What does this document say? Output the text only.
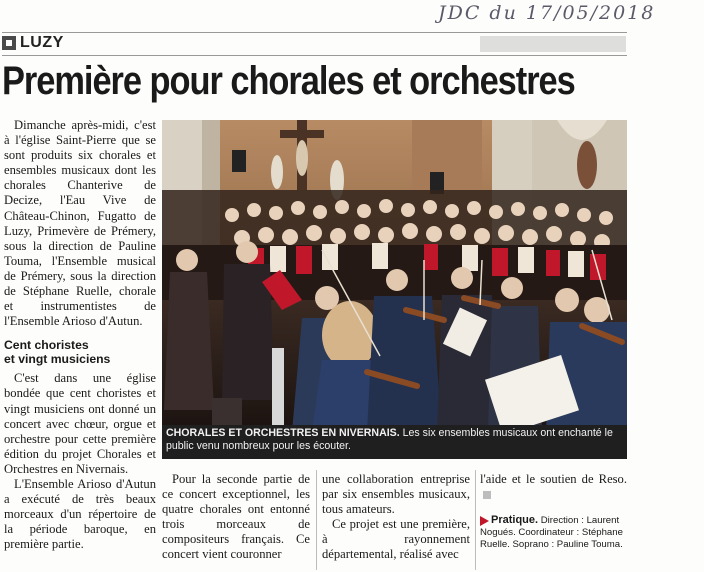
JDC du 17/05/2018
LUZY
Première pour chorales et orchestres

Dimanche après-midi, c'est à l'église Saint-Pierre que se sont produits six chorales et ensembles musicaux dont les chorales Chanterive de Decize, l'Eau Vive de Château-Chinon, Fugatto de Luzy, Primevère de Prémery, sous la direction de Pauline Touma, l'Ensemble musical de Prémery, sous la direction de Stéphane Ruelle, chorale et instrumentistes de l'Ensemble Arioso d'Autun.

Cent choristes
et vingt musiciens

C'est dans une église bondée que cent choristes et vingt musiciens ont donné un concert avec chœur, orgue et orchestre pour cette première édition du projet Chorales et Orchestres en Nivernais.

L'Ensemble Arioso d'Autun a exécuté de très beaux morceaux d'un répertoire de la période baroque, en première partie.

CHORALES ET ORCHESTRES EN NIVERNAIS. Les six ensembles musicaux ont enchanté le public venu nombreux pour les écouter.

Pour la seconde partie de ce concert exceptionnel, les quatre chorales ont entonné trois morceaux de compositeurs français. Ce concert vient couronner

une collaboration entreprise par six ensembles musicaux, tous amateurs.

Ce projet est une première, à rayonnement départemental, réalisé avec

l'aide et le soutien de Reso.

Pratique. Direction : Laurent Nogués. Coordinateur : Stéphane Ruelle. Soprano : Pauline Touma.
